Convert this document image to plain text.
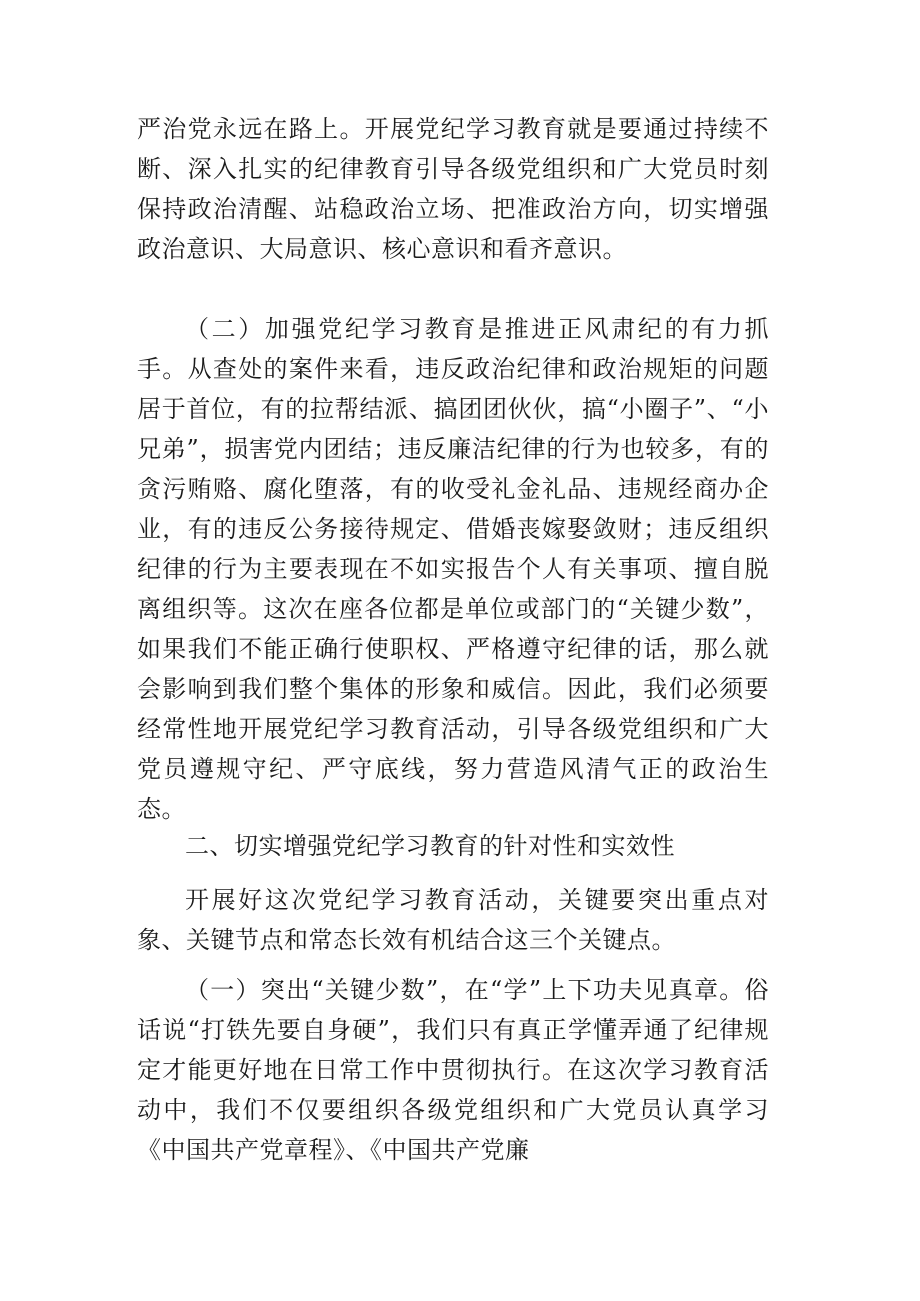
严治党永远在路上。开展党纪学习教育就是要通过持续不断、深入扎实的纪律教育引导各级党组织和广大党员时刻保持政治清醒、站稳政治立场、把准政治方向，切实增强政治意识、大局意识、核心意识和看齐意识。

（二）加强党纪学习教育是推进正风肃纪的有力抓手。从查处的案件来看，违反政治纪律和政治规矩的问题居于首位，有的拉帮结派、搞团团伙伙，搞“小圈子”、“小兄弟”，损害党内团结；违反廉洁纪律的行为也较多，有的贪污贿赂、腐化堕落，有的收受礼金礼品、违规经商办企业，有的违反公务接待规定、借婚丧嫁娶敛财；违反组织纪律的行为主要表现在不如实报告个人有关事项、擅自脱离组织等。这次在座各位都是单位或部门的“关键少数”，如果我们不能正确行使职权、严格遵守纪律的话，那么就会影响到我们整个集体的形象和威信。因此，我们必须要经常性地开展党纪学习教育活动，引导各级党组织和广大党员遵规守纪、严守底线，努力营造风清气正的政治生态。

二、切实增强党纪学习教育的针对性和实效性

开展好这次党纪学习教育活动，关键要突出重点对象、关键节点和常态长效有机结合这三个关键点。

（一）突出“关键少数”，在“学”上下功夫见真章。俗话说“打铁先要自身硬”，我们只有真正学懂弄通了纪律规定才能更好地在日常工作中贯彻执行。在这次学习教育活动中，我们不仅要组织各级党组织和广大党员认真学习《中国共产党章程》、《中国共产党廉
